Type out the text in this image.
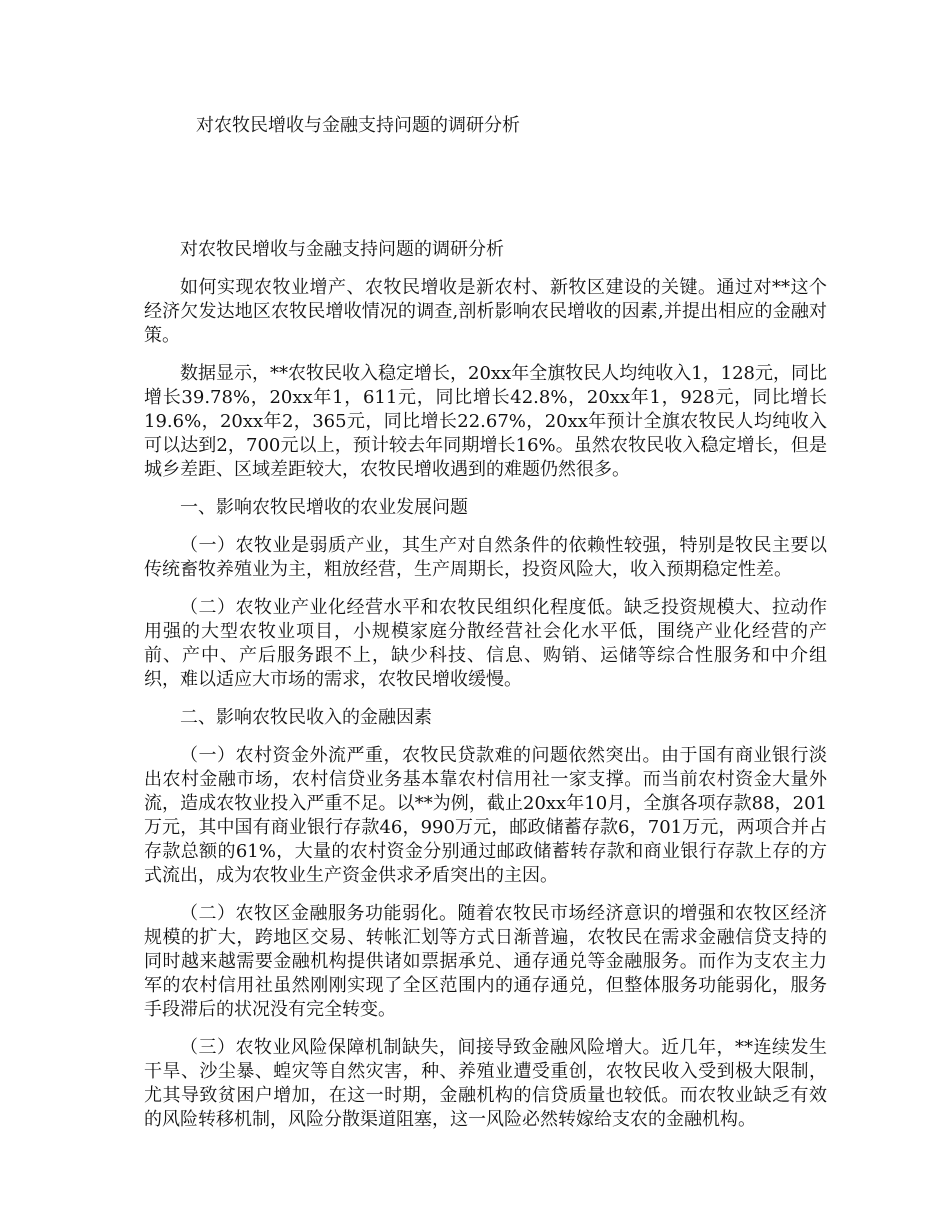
对农牧民增收与金融支持问题的调研分析
对农牧民增收与金融支持问题的调研分析

如何实现农牧业增产、农牧民增收是新农村、新牧区建设的关键。通过对**这个经济欠发达地区农牧民增收情况的调查,剖析影响农民增收的因素,并提出相应的金融对策。

数据显示，**农牧民收入稳定增长，20xx年全旗牧民人均纯收入1，128元，同比增长39.78%，20xx年1，611元，同比增长42.8%，20xx年1，928元，同比增长19.6%，20xx年2，365元，同比增长22.67%，20xx年预计全旗农牧民人均纯收入可以达到2，700元以上，预计较去年同期增长16%。虽然农牧民收入稳定增长，但是城乡差距、区域差距较大，农牧民增收遇到的难题仍然很多。

一、影响农牧民增收的农业发展问题

（一）农牧业是弱质产业，其生产对自然条件的依赖性较强，特别是牧民主要以传统畜牧养殖业为主，粗放经营，生产周期长，投资风险大，收入预期稳定性差。

（二）农牧业产业化经营水平和农牧民组织化程度低。缺乏投资规模大、拉动作用强的大型农牧业项目，小规模家庭分散经营社会化水平低，围绕产业化经营的产前、产中、产后服务跟不上，缺少科技、信息、购销、运储等综合性服务和中介组织，难以适应大市场的需求，农牧民增收缓慢。

二、影响农牧民收入的金融因素

（一）农村资金外流严重，农牧民贷款难的问题依然突出。由于国有商业银行淡出农村金融市场，农村信贷业务基本靠农村信用社一家支撑。而当前农村资金大量外流，造成农牧业投入严重不足。以**为例，截止20xx年10月，全旗各项存款88，201万元，其中国有商业银行存款46，990万元，邮政储蓄存款6，701万元，两项合并占存款总额的61%，大量的农村资金分别通过邮政储蓄转存款和商业银行存款上存的方式流出，成为农牧业生产资金供求矛盾突出的主因。

（二）农牧区金融服务功能弱化。随着农牧民市场经济意识的增强和农牧区经济规模的扩大，跨地区交易、转帐汇划等方式日渐普遍，农牧民在需求金融信贷支持的同时越来越需要金融机构提供诸如票据承兑、通存通兑等金融服务。而作为支农主力军的农村信用社虽然刚刚实现了全区范围内的通存通兑，但整体服务功能弱化，服务手段滞后的状况没有完全转变。

（三）农牧业风险保障机制缺失，间接导致金融风险增大。近几年，**连续发生干旱、沙尘暴、蝗灾等自然灾害，种、养殖业遭受重创，农牧民收入受到极大限制，尤其导致贫困户增加，在这一时期，金融机构的信贷质量也较低。而农牧业缺乏有效的风险转移机制，风险分散渠道阻塞，这一风险必然转嫁给支农的金融机构。
